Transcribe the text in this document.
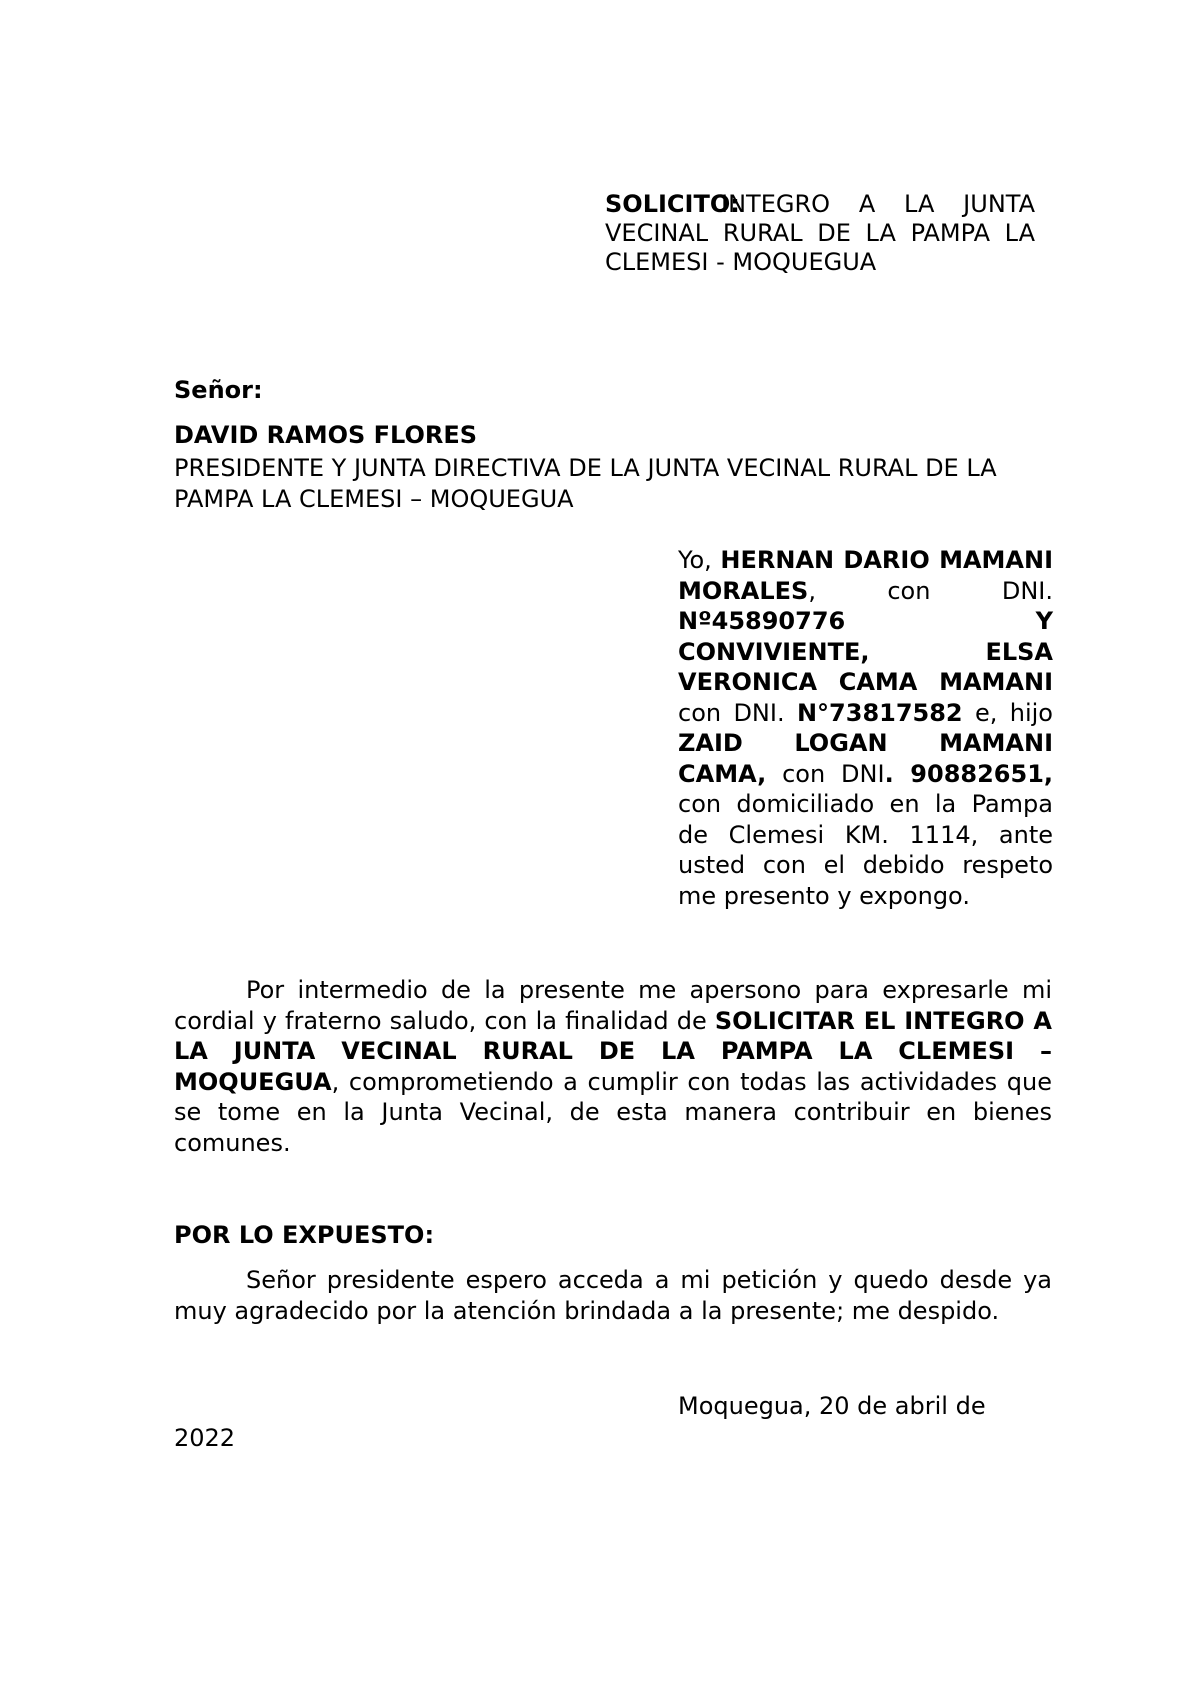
INTEGRO A LA JUNTA VECINAL RURAL DE LA PAMPA LA CLEMESI - MOQUEGUA
SOLICITO:
Señor:
DAVID RAMOS FLORES
PRESIDENTE Y JUNTA DIRECTIVA DE LA JUNTA VECINAL RURAL DE LA PAMPA LA CLEMESI – MOQUEGUA
Yo, HERNAN DARIO MAMANI MORALES, con DNI. Nº45890776 Y CONVIVIENTE, ELSA VERONICA CAMA MAMANI con DNI. N°73817582 e, hijo ZAID LOGAN MAMANI CAMA, con DNI. 90882651, con domiciliado en la Pampa de Clemesi KM. 1114, ante usted con el debido respeto me presento y expongo.
Por intermedio de la presente me apersono para expresarle mi cordial y fraterno saludo, con la finalidad de SOLICITAR EL INTEGRO A LA JUNTA VECINAL RURAL DE LA PAMPA LA CLEMESI – MOQUEGUA, comprometiendo a cumplir con todas las actividades que se tome en la Junta Vecinal, de esta manera contribuir en bienes comunes.
POR LO EXPUESTO:
Señor presidente espero acceda a mi petición y quedo desde ya muy agradecido por la atención brindada a la presente; me despido.
Moquegua, 20 de abril de
2022
